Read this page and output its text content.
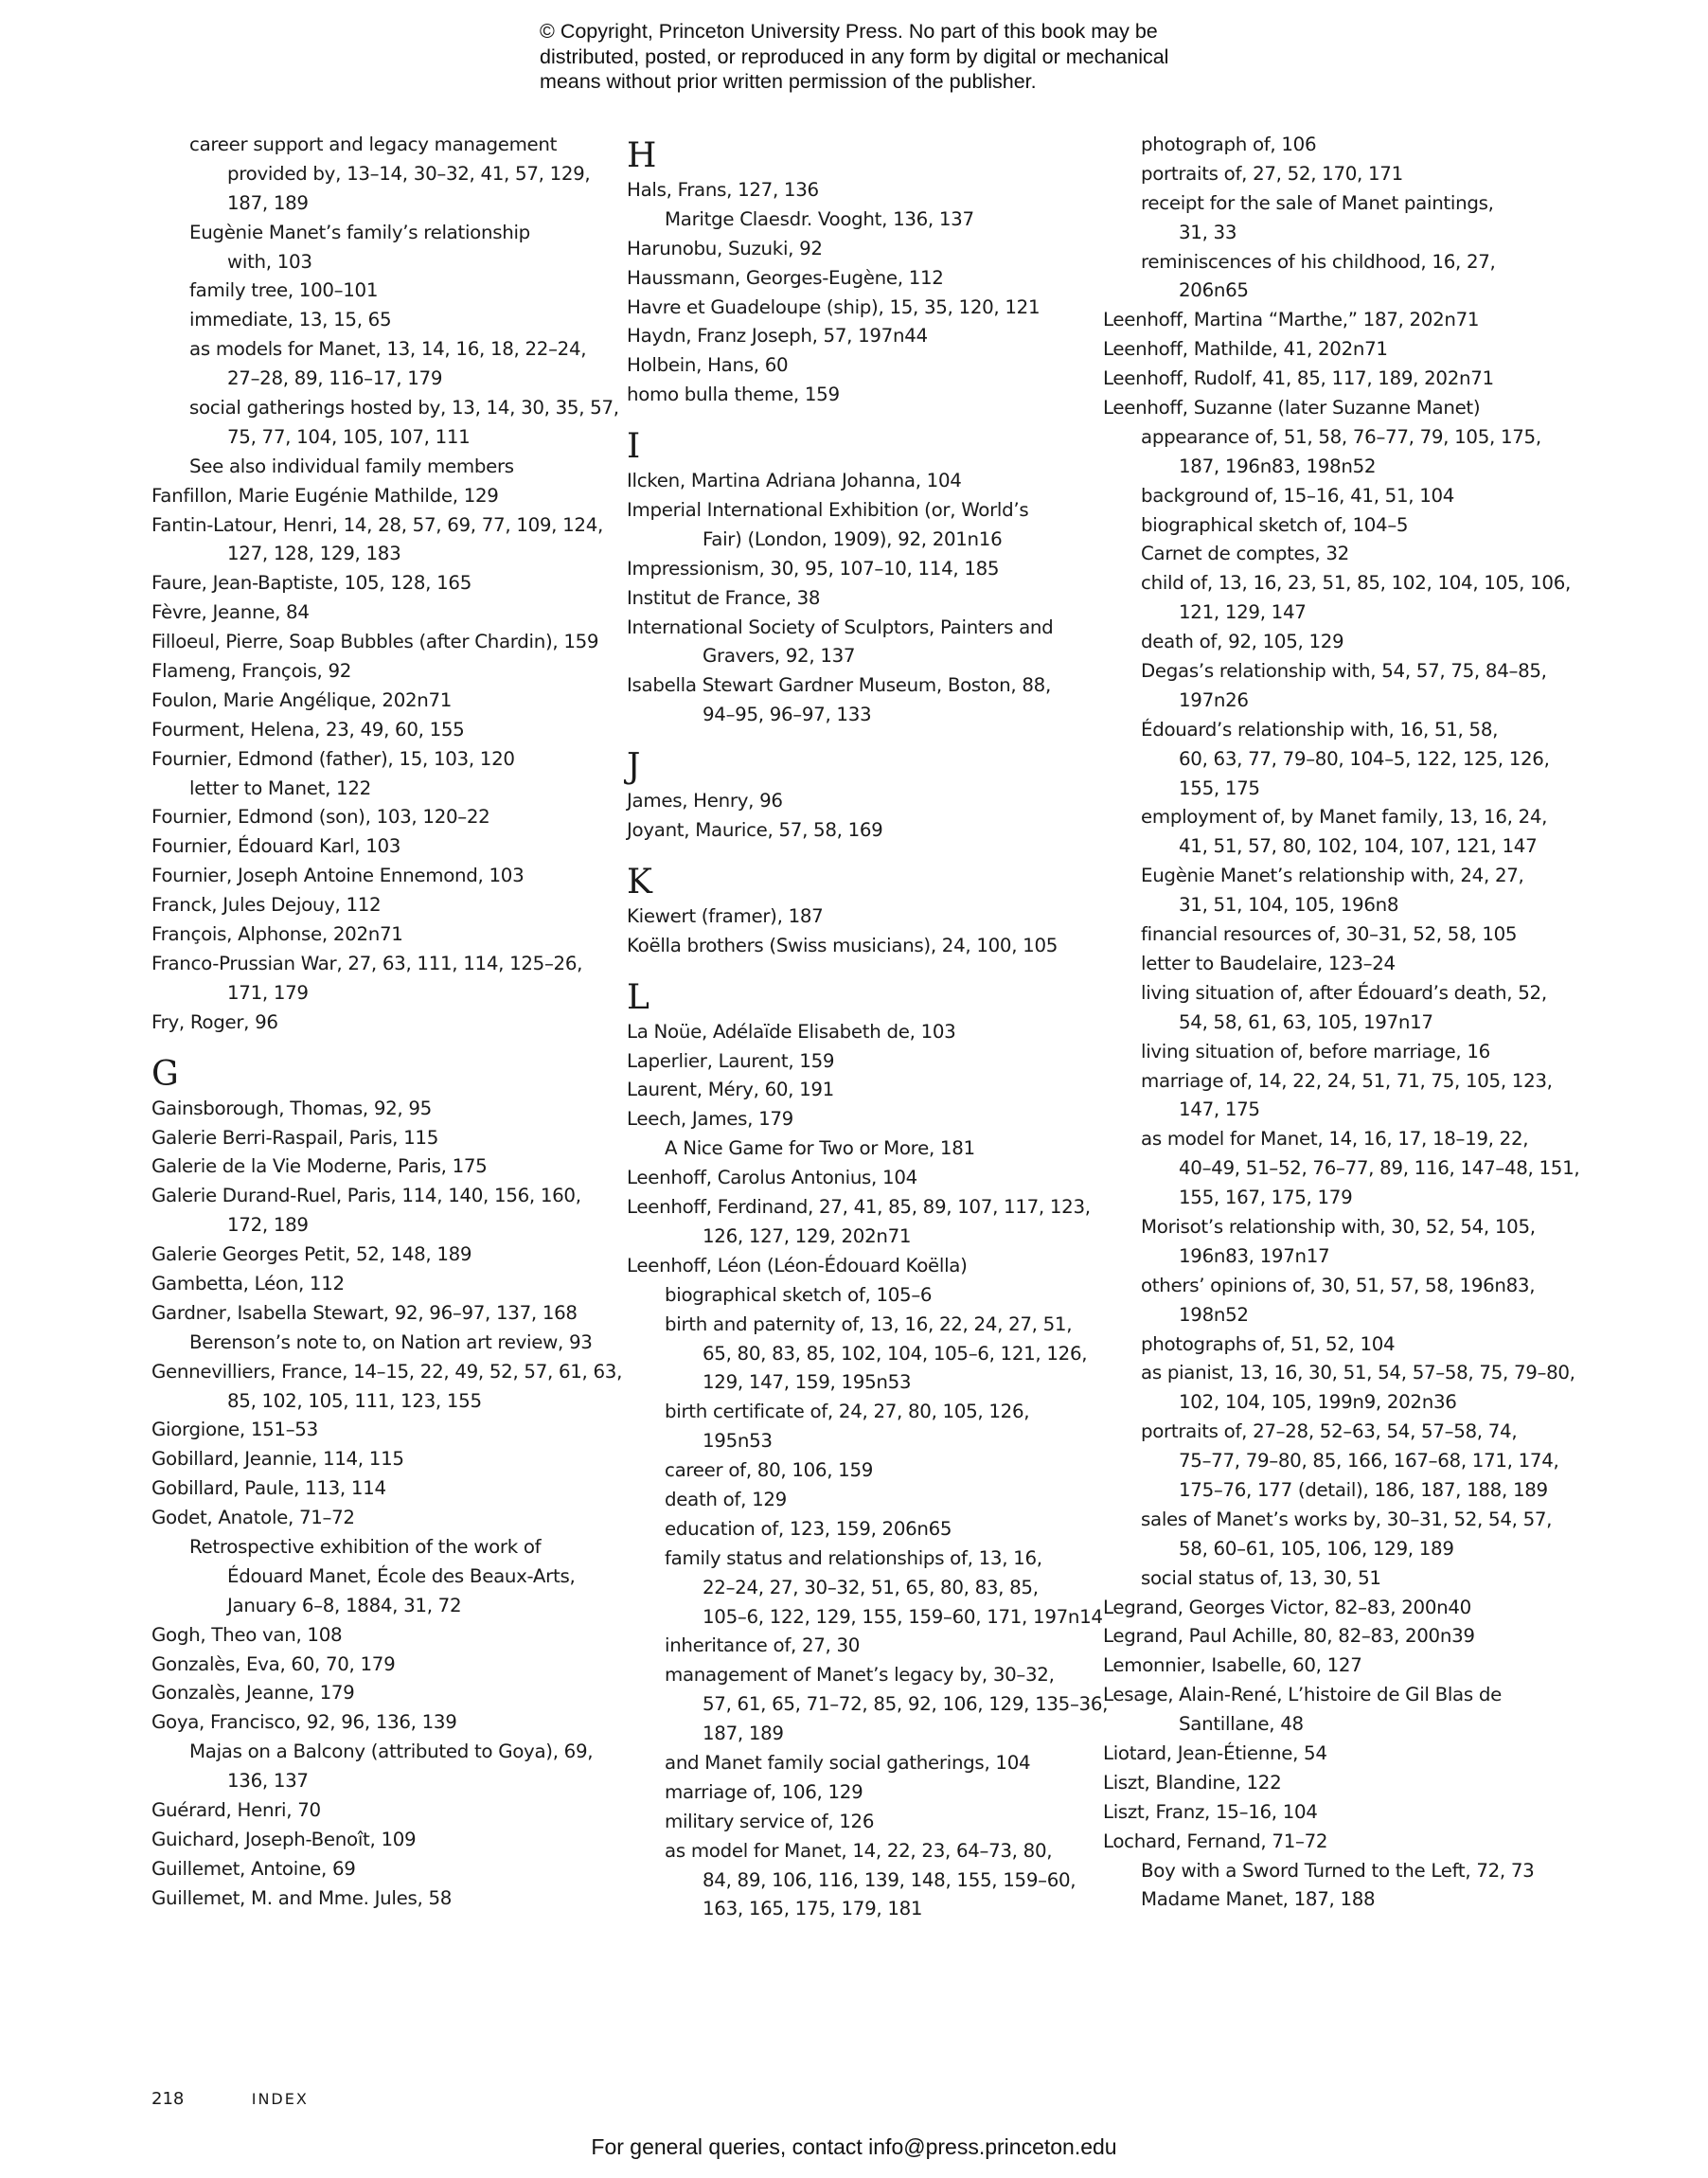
© Copyright, Princeton University Press. No part of this book may be
distributed, posted, or reproduced in any form by digital or mechanical
means without prior written permission of the publisher.
career support and legacy management
provided by, 13–14, 30–32, 41, 57, 129,
187, 189
Eugènie Manet’s family’s relationship
with, 103
family tree, 100–101
immediate, 13, 15, 65
as models for Manet, 13, 14, 16, 18, 22–24,
27–28, 89, 116–17, 179
social gatherings hosted by, 13, 14, 30, 35, 57,
75, 77, 104, 105, 107, 111
See also individual family members
Fanfillon, Marie Eugénie Mathilde, 129
Fantin-Latour, Henri, 14, 28, 57, 69, 77, 109, 124,
127, 128, 129, 183
Faure, Jean-Baptiste, 105, 128, 165
Fèvre, Jeanne, 84
Filloeul, Pierre, Soap Bubbles (after Chardin), 159
Flameng, François, 92
Foulon, Marie Angélique, 202n71
Fourment, Helena, 23, 49, 60, 155
Fournier, Edmond (father), 15, 103, 120
letter to Manet, 122
Fournier, Edmond (son), 103, 120–22
Fournier, Édouard Karl, 103
Fournier, Joseph Antoine Ennemond, 103
Franck, Jules Dejouy, 112
François, Alphonse, 202n71
Franco-Prussian War, 27, 63, 111, 114, 125–26,
171, 179
Fry, Roger, 96
G
Gainsborough, Thomas, 92, 95
Galerie Berri-Raspail, Paris, 115
Galerie de la Vie Moderne, Paris, 175
Galerie Durand-Ruel, Paris, 114, 140, 156, 160,
172, 189
Galerie Georges Petit, 52, 148, 189
Gambetta, Léon, 112
Gardner, Isabella Stewart, 92, 96–97, 137, 168
Berenson’s note to, on Nation art review, 93
Gennevilliers, France, 14–15, 22, 49, 52, 57, 61, 63,
85, 102, 105, 111, 123, 155
Giorgione, 151–53
Gobillard, Jeannie, 114, 115
Gobillard, Paule, 113, 114
Godet, Anatole, 71–72
Retrospective exhibition of the work of
Édouard Manet, École des Beaux-Arts,
January 6–8, 1884, 31, 72
Gogh, Theo van, 108
Gonzalès, Eva, 60, 70, 179
Gonzalès, Jeanne, 179
Goya, Francisco, 92, 96, 136, 139
Majas on a Balcony (attributed to Goya), 69,
136, 137
Guérard, Henri, 70
Guichard, Joseph-Benoît, 109
Guillemet, Antoine, 69
Guillemet, M. and Mme. Jules, 58
H
Hals, Frans, 127, 136
Maritge Claesdr. Vooght, 136, 137
Harunobu, Suzuki, 92
Haussmann, Georges-Eugène, 112
Havre et Guadeloupe (ship), 15, 35, 120, 121
Haydn, Franz Joseph, 57, 197n44
Holbein, Hans, 60
homo bulla theme, 159
I
Ilcken, Martina Adriana Johanna, 104
Imperial International Exhibition (or, World’s
Fair) (London, 1909), 92, 201n16
Impressionism, 30, 95, 107–10, 114, 185
Institut de France, 38
International Society of Sculptors, Painters and
Gravers, 92, 137
Isabella Stewart Gardner Museum, Boston, 88,
94–95, 96–97, 133
J
James, Henry, 96
Joyant, Maurice, 57, 58, 169
K
Kiewert (framer), 187
Koëlla brothers (Swiss musicians), 24, 100, 105
L
La Noüe, Adélaïde Elisabeth de, 103
Laperlier, Laurent, 159
Laurent, Méry, 60, 191
Leech, James, 179
A Nice Game for Two or More, 181
Leenhoff, Carolus Antonius, 104
Leenhoff, Ferdinand, 27, 41, 85, 89, 107, 117, 123,
126, 127, 129, 202n71
Leenhoff, Léon (Léon-Édouard Koëlla)
biographical sketch of, 105–6
birth and paternity of, 13, 16, 22, 24, 27, 51,
65, 80, 83, 85, 102, 104, 105–6, 121, 126,
129, 147, 159, 195n53
birth certificate of, 24, 27, 80, 105, 126,
195n53
career of, 80, 106, 159
death of, 129
education of, 123, 159, 206n65
family status and relationships of, 13, 16,
22–24, 27, 30–32, 51, 65, 80, 83, 85,
105–6, 122, 129, 155, 159–60, 171, 197n14
inheritance of, 27, 30
management of Manet’s legacy by, 30–32,
57, 61, 65, 71–72, 85, 92, 106, 129, 135–36,
187, 189
and Manet family social gatherings, 104
marriage of, 106, 129
military service of, 126
as model for Manet, 14, 22, 23, 64–73, 80,
84, 89, 106, 116, 139, 148, 155, 159–60,
163, 165, 175, 179, 181
photograph of, 106
portraits of, 27, 52, 170, 171
receipt for the sale of Manet paintings,
31, 33
reminiscences of his childhood, 16, 27,
206n65
Leenhoff, Martina “Marthe,” 187, 202n71
Leenhoff, Mathilde, 41, 202n71
Leenhoff, Rudolf, 41, 85, 117, 189, 202n71
Leenhoff, Suzanne (later Suzanne Manet)
appearance of, 51, 58, 76–77, 79, 105, 175,
187, 196n83, 198n52
background of, 15–16, 41, 51, 104
biographical sketch of, 104–5
Carnet de comptes, 32
child of, 13, 16, 23, 51, 85, 102, 104, 105, 106,
121, 129, 147
death of, 92, 105, 129
Degas’s relationship with, 54, 57, 75, 84–85,
197n26
Édouard’s relationship with, 16, 51, 58,
60, 63, 77, 79–80, 104–5, 122, 125, 126,
155, 175
employment of, by Manet family, 13, 16, 24,
41, 51, 57, 80, 102, 104, 107, 121, 147
Eugènie Manet’s relationship with, 24, 27,
31, 51, 104, 105, 196n8
financial resources of, 30–31, 52, 58, 105
letter to Baudelaire, 123–24
living situation of, after Édouard’s death, 52,
54, 58, 61, 63, 105, 197n17
living situation of, before marriage, 16
marriage of, 14, 22, 24, 51, 71, 75, 105, 123,
147, 175
as model for Manet, 14, 16, 17, 18–19, 22,
40–49, 51–52, 76–77, 89, 116, 147–48, 151,
155, 167, 175, 179
Morisot’s relationship with, 30, 52, 54, 105,
196n83, 197n17
others’ opinions of, 30, 51, 57, 58, 196n83,
198n52
photographs of, 51, 52, 104
as pianist, 13, 16, 30, 51, 54, 57–58, 75, 79–80,
102, 104, 105, 199n9, 202n36
portraits of, 27–28, 52–63, 54, 57–58, 74,
75–77, 79–80, 85, 166, 167–68, 171, 174,
175–76, 177 (detail), 186, 187, 188, 189
sales of Manet’s works by, 30–31, 52, 54, 57,
58, 60–61, 105, 106, 129, 189
social status of, 13, 30, 51
Legrand, Georges Victor, 82–83, 200n40
Legrand, Paul Achille, 80, 82–83, 200n39
Lemonnier, Isabelle, 60, 127
Lesage, Alain-René, L’histoire de Gil Blas de
Santillane, 48
Liotard, Jean-Étienne, 54
Liszt, Blandine, 122
Liszt, Franz, 15–16, 104
Lochard, Fernand, 71–72
Boy with a Sword Turned to the Left, 72, 73
Madame Manet, 187, 188
218	INDEX
For general queries, contact info@press.princeton.edu
